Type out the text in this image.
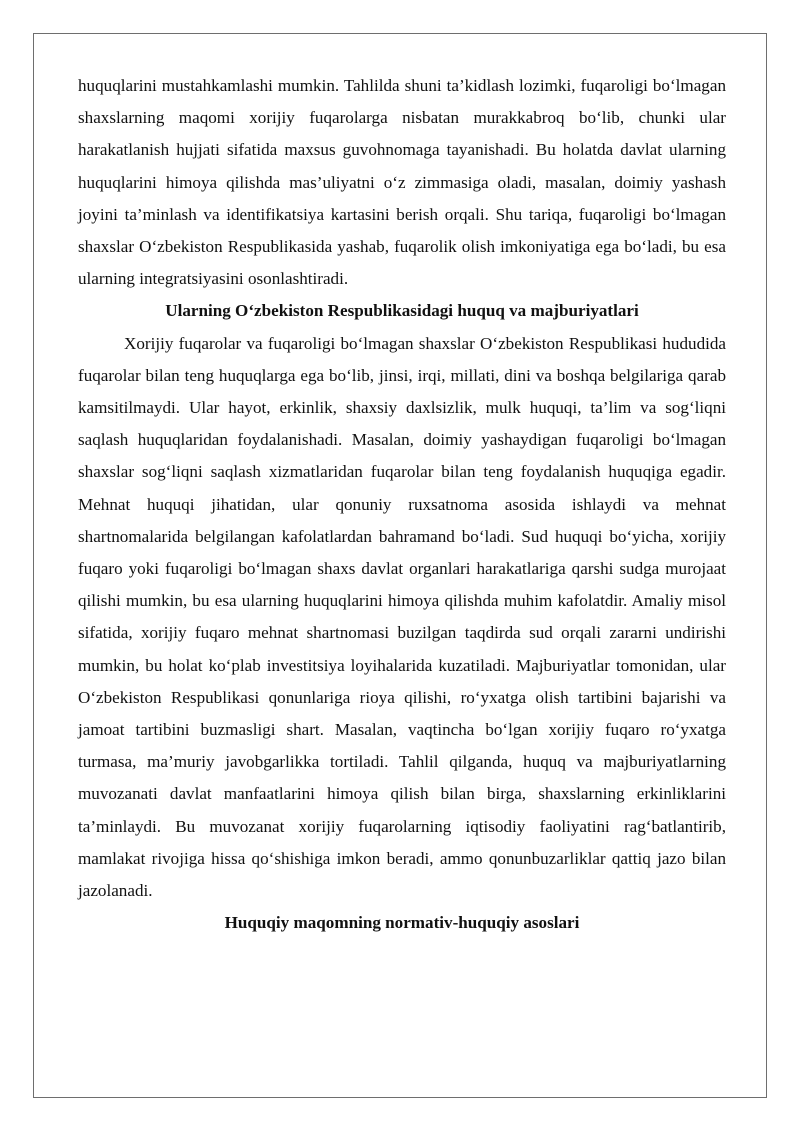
huquqlarini mustahkamlashi mumkin. Tahlilda shuni ta’kidlash lozimki, fuqaroligi bo‘lmagan shaxslarning maqomi xorijiy fuqarolarga nisbatan murakkabroq bo‘lib, chunki ular harakatlanish hujjati sifatida maxsus guvohnomaga tayanishadi. Bu holatda davlat ularning huquqlarini himoya qilishda mas’uliyatni o‘z zimmasiga oladi, masalan, doimiy yashash joyini ta’minlash va identifikatsiya kartasini berish orqali. Shu tariqa, fuqaroligi bo‘lmagan shaxslar O‘zbekiston Respublikasida yashab, fuqarolik olish imkoniyatiga ega bo‘ladi, bu esa ularning integratsiyasini osonlashtiradi.

Ularning O‘zbekiston Respublikasidagi huquq va majburiyatlari

Xorijiy fuqarolar va fuqaroligi bo‘lmagan shaxslar O‘zbekiston Respublikasi hududida fuqarolar bilan teng huquqlarga ega bo‘lib, jinsi, irqi, millati, dini va boshqa belgilariga qarab kamsitilmaydi. Ular hayot, erkinlik, shaxsiy daxlsizlik, mulk huquqi, ta’lim va sog‘liqni saqlash huquqlaridan foydalanishadi. Masalan, doimiy yashaydigan fuqaroligi bo‘lmagan shaxslar sog‘liqni saqlash xizmatlaridan fuqarolar bilan teng foydalanish huquqiga egadir. Mehnat huquqi jihatidan, ular qonuniy ruxsatnoma asosida ishlaydi va mehnat shartnomalarida belgilangan kafolatlardan bahramand bo‘ladi. Sud huquqi bo‘yicha, xorijiy fuqaro yoki fuqaroligi bo‘lmagan shaxs davlat organlari harakatlariga qarshi sudga murojaat qilishi mumkin, bu esa ularning huquqlarini himoya qilishda muhim kafolatdir. Amaliy misol sifatida, xorijiy fuqaro mehnat shartnomasi buzilgan taqdirda sud orqali zararni undirishi mumkin, bu holat ko‘plab investitsiya loyihalarida kuzatiladi. Majburiyatlar tomonidan, ular O‘zbekiston Respublikasi qonunlariga rioya qilishi, ro‘yxatga olish tartibini bajarishi va jamoat tartibini buzmasligi shart. Masalan, vaqtincha bo‘lgan xorijiy fuqaro ro‘yxatga turmasa, ma’muriy javobgarlikka tortiladi. Tahlil qilganda, huquq va majburiyatlarning muvozanati davlat manfaatlarini himoya qilish bilan birga, shaxslarning erkinliklarini ta’minlaydi. Bu muvozanat xorijiy fuqarolarning iqtisodiy faoliyatini rag‘batlantirib, mamlakat rivojiga hissa qo‘shishiga imkon beradi, ammo qonunbuzarliklar qattiq jazo bilan jazolanadi.

Huquqiy maqomning normativ-huquqiy asoslari
